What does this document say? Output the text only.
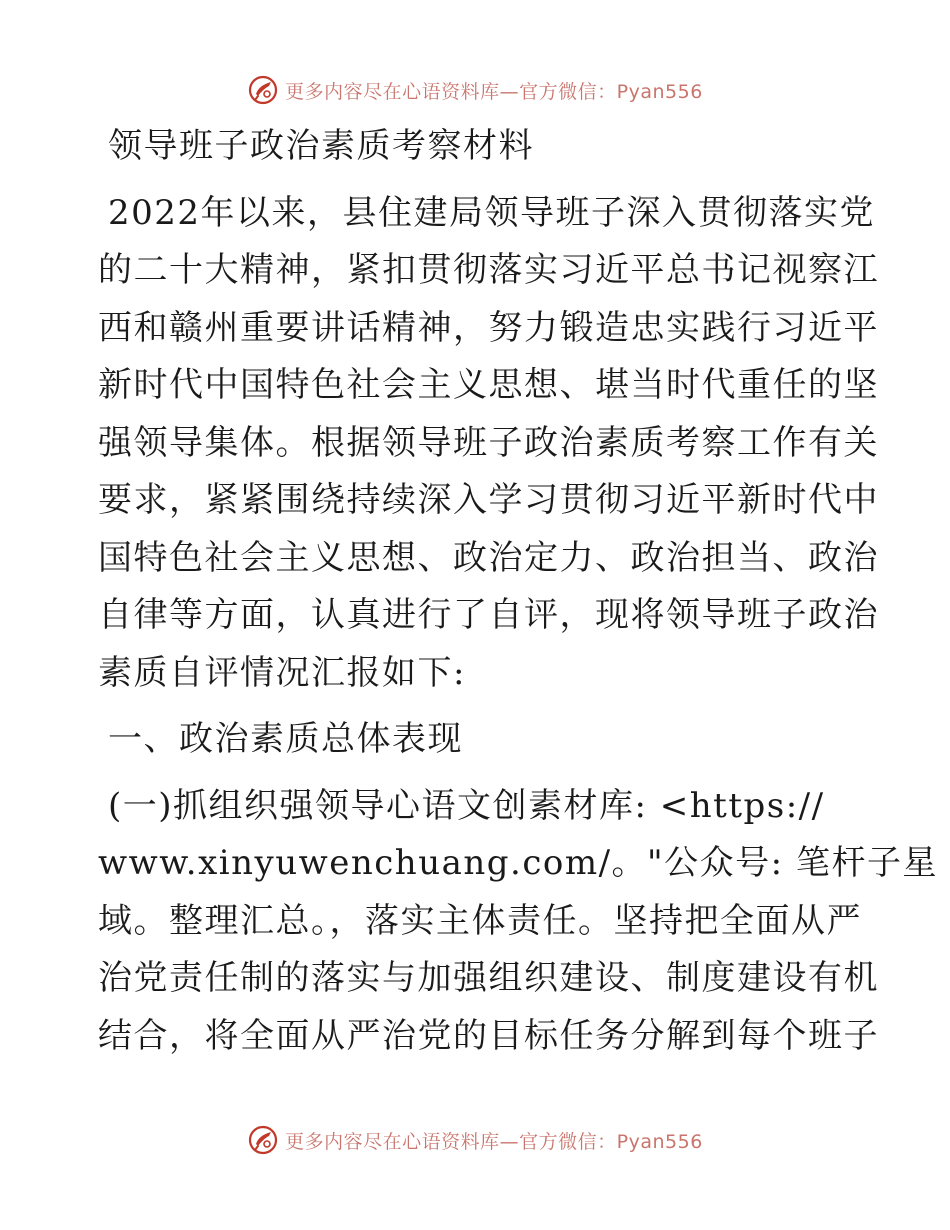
更多内容尽在心语资料库—官方微信：Pyan556
领导班子政治素质考察材料
2022年以来，县住建局领导班子深入贯彻落实党
的二十大精神，紧扣贯彻落实习近平总书记视察江
西和赣州重要讲话精神，努力锻造忠实践行习近平
新时代中国特色社会主义思想、堪当时代重任的坚
强领导集体。根据领导班子政治素质考察工作有关
要求，紧紧围绕持续深入学习贯彻习近平新时代中
国特色社会主义思想、政治定力、政治担当、政治
自律等方面，认真进行了自评，现将领导班子政治
素质自评情况汇报如下:
一、政治素质总体表现
(一)抓组织强领导心语文创素材库: <https://
www.xinyuwenchuang.com/。"公众号: 笔杆子星
域。整理汇总。，落实主体责任。坚持把全面从严
治党责任制的落实与加强组织建设、制度建设有机
结合，将全面从严治党的目标任务分解到每个班子
更多内容尽在心语资料库—官方微信：Pyan556
